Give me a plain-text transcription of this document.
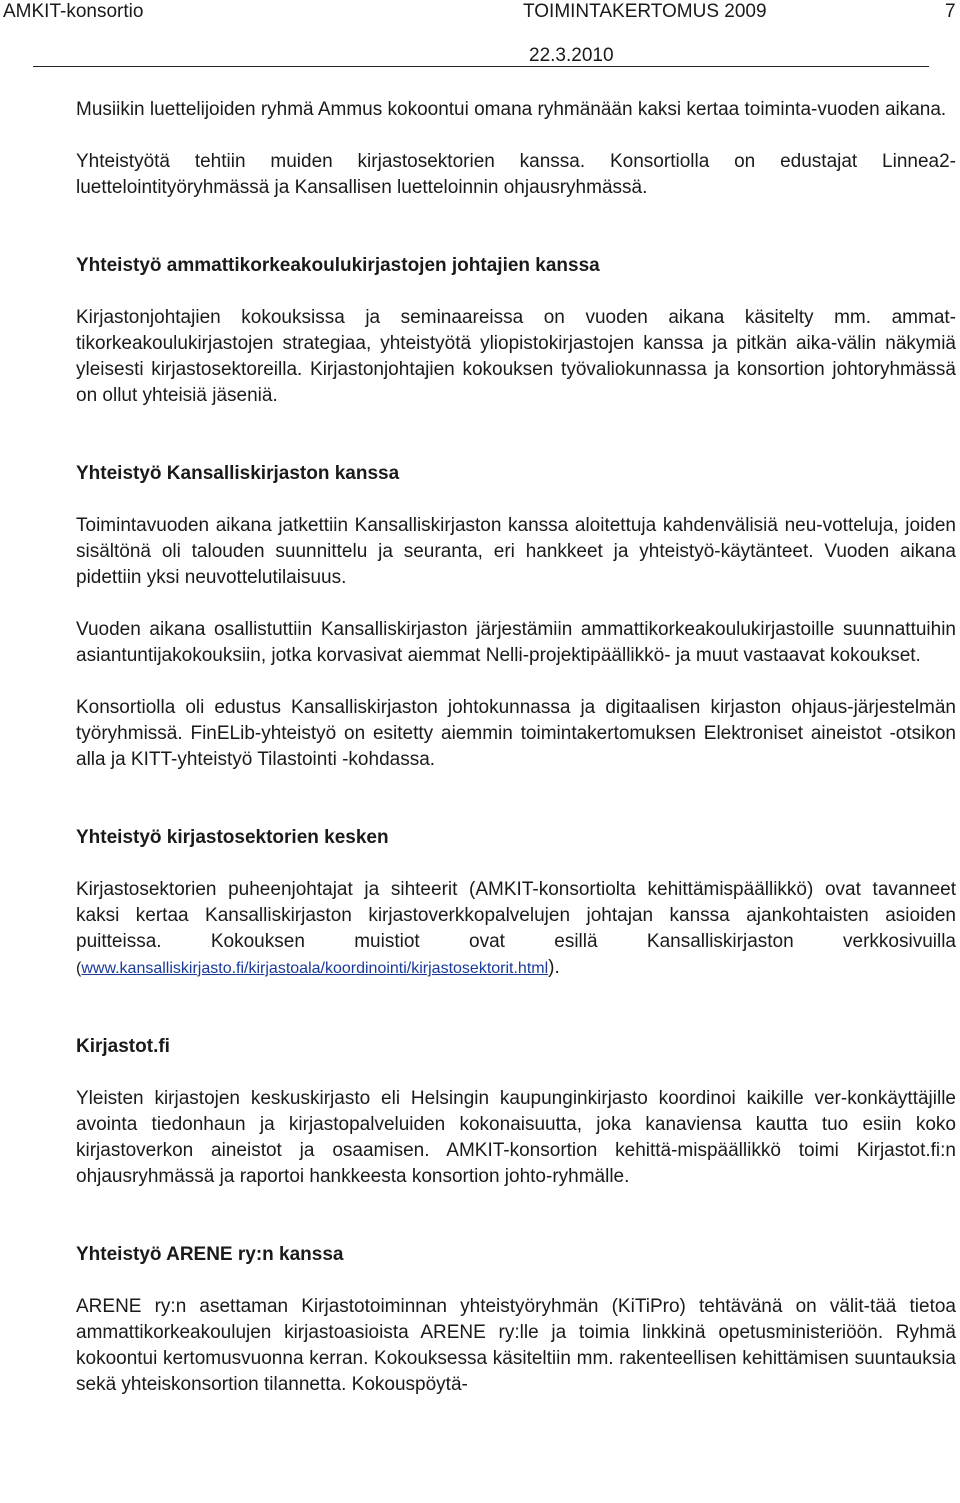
AMKIT-konsortio	TOIMINTAKERTOMUS 2009	7
22.3.2010

Musiikin luettelijoiden ryhmä Ammus kokoontui omana ryhmänään kaksi kertaa toiminta-vuoden aikana.

Yhteistyötä tehtiin muiden kirjastosektorien kanssa. Konsortiolla on edustajat Linnea2-luettelointityöryhmässä ja Kansallisen luetteloinnin ohjausryhmässä.

Yhteistyö ammattikorkeakoulukirjastojen johtajien kanssa

Kirjastonjohtajien kokouksissa ja seminaareissa on vuoden aikana käsitelty mm. ammat-tikorkeakoulukirjastojen strategiaa, yhteistyötä yliopistokirjastojen kanssa ja pitkän aika-välin näkymiä yleisesti kirjastosektoreilla. Kirjastonjohtajien kokouksen työvaliokunnassa ja konsortion johtoryhmässä on ollut yhteisiä jäseniä.

Yhteistyö Kansalliskirjaston kanssa

Toimintavuoden aikana jatkettiin Kansalliskirjaston kanssa aloitettuja kahdenvälisiä neu-votteluja, joiden sisältönä oli talouden suunnittelu ja seuranta, eri hankkeet ja yhteistyö-käytänteet. Vuoden aikana pidettiin yksi neuvottelutilaisuus.

Vuoden aikana osallistuttiin Kansalliskirjaston järjestämiin ammattikorkeakoulukirjastoille suunnattuihin asiantuntijakokouksiin, jotka korvasivat aiemmat Nelli-projektipäällikkö- ja muut vastaavat kokoukset.

Konsortiolla oli edustus Kansalliskirjaston johtokunnassa ja digitaalisen kirjaston ohjaus-järjestelmän työryhmissä. FinELib-yhteistyö on esitetty aiemmin toimintakertomuksen Elektroniset aineistot -otsikon alla ja KITT-yhteistyö Tilastointi -kohdassa.

Yhteistyö kirjastosektorien kesken

Kirjastosektorien puheenjohtajat ja sihteerit (AMKIT-konsortiolta kehittämispäällikkö) ovat tavanneet kaksi kertaa Kansalliskirjaston kirjastoverkkopalvelujen johtajan kanssa ajankohtaisten asioiden puitteissa. Kokouksen muistiot ovat esillä Kansalliskirjaston verkkosivuilla (www.kansalliskirjasto.fi/kirjastoala/koordinointi/kirjastosektorit.html).

Kirjastot.fi

Yleisten kirjastojen keskuskirjasto eli Helsingin kaupunginkirjasto koordinoi kaikille ver-konkäyttäjille avointa tiedonhaun ja kirjastopalveluiden kokonaisuutta, joka kanaviensa kautta tuo esiin koko kirjastoverkon aineistot ja osaamisen. AMKIT-konsortion kehittä-mispäällikkö toimi Kirjastot.fi:n ohjausryhmässä ja raportoi hankkeesta konsortion johto-ryhmälle.

Yhteistyö ARENE ry:n kanssa

ARENE ry:n asettaman Kirjastotoiminnan yhteistyöryhmän (KiTiPro) tehtävänä on välit-tää tietoa ammattikorkeakoulujen kirjastoasioista ARENE ry:lle ja toimia linkkinä opetusministeriöön. Ryhmä kokoontui kertomusvuonna kerran. Kokouksessa käsiteltiin mm. rakenteellisen kehittämisen suuntauksia sekä yhteiskonsortion tilannetta. Kokouspöytä-
